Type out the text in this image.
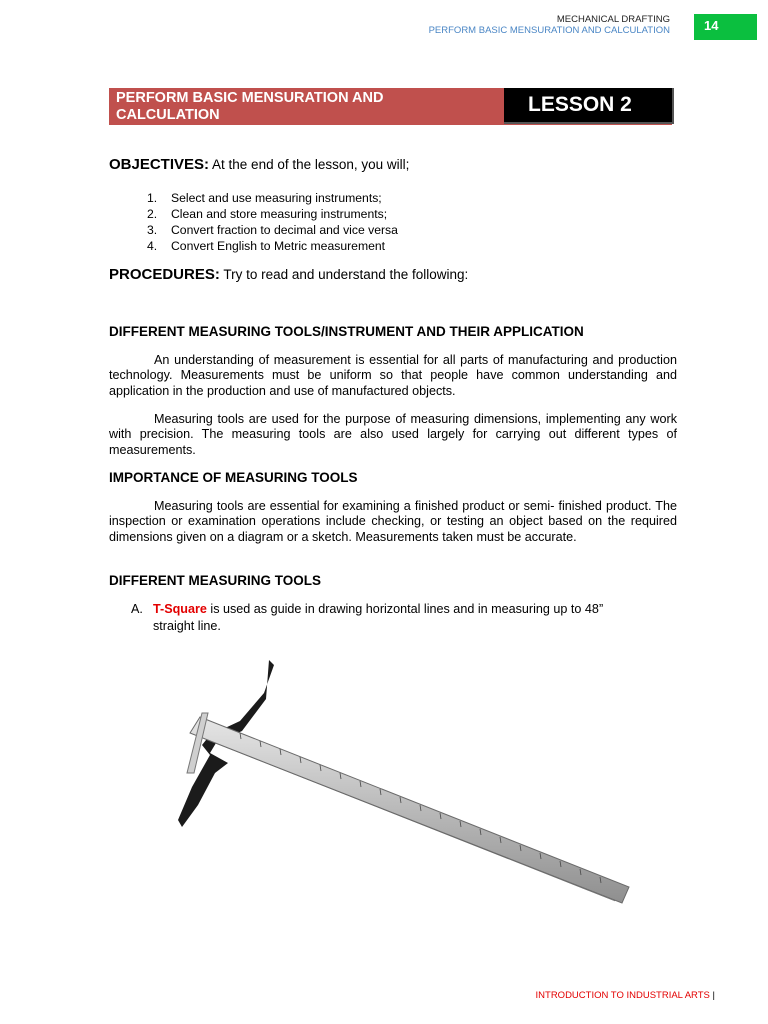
MECHANICAL DRAFTING
PERFORM BASIC MENSURATION AND CALCULATION	14
PERFORM BASIC MENSURATION AND
CALCULATION	LESSON 2
OBJECTIVES: At the end of the lesson, you will;
1. Select and use measuring instruments;
2. Clean and store measuring instruments;
3. Convert fraction to decimal and vice versa
4. Convert English to Metric measurement
PROCEDURES: Try to read and understand the following:
DIFFERENT MEASURING TOOLS/INSTRUMENT AND THEIR APPLICATION

An understanding of measurement is essential for all parts of manufacturing and production technology. Measurements must be uniform so that people have common understanding and application in the production and use of manufactured objects.

Measuring tools are used for the purpose of measuring dimensions, implementing any work with precision. The measuring tools are also used largely for carrying out different types of measurements.

IMPORTANCE OF MEASURING TOOLS

Measuring tools are essential for examining a finished product or semi- finished product. The inspection or examination operations include checking, or testing an object based on the required dimensions given on a diagram or a sketch. Measurements taken must be accurate.

DIFFERENT MEASURING TOOLS
A. T-Square is used as guide in drawing horizontal lines and in measuring up to 48”
straight line.
INTRODUCTION TO INDUSTRIAL ARTS |
